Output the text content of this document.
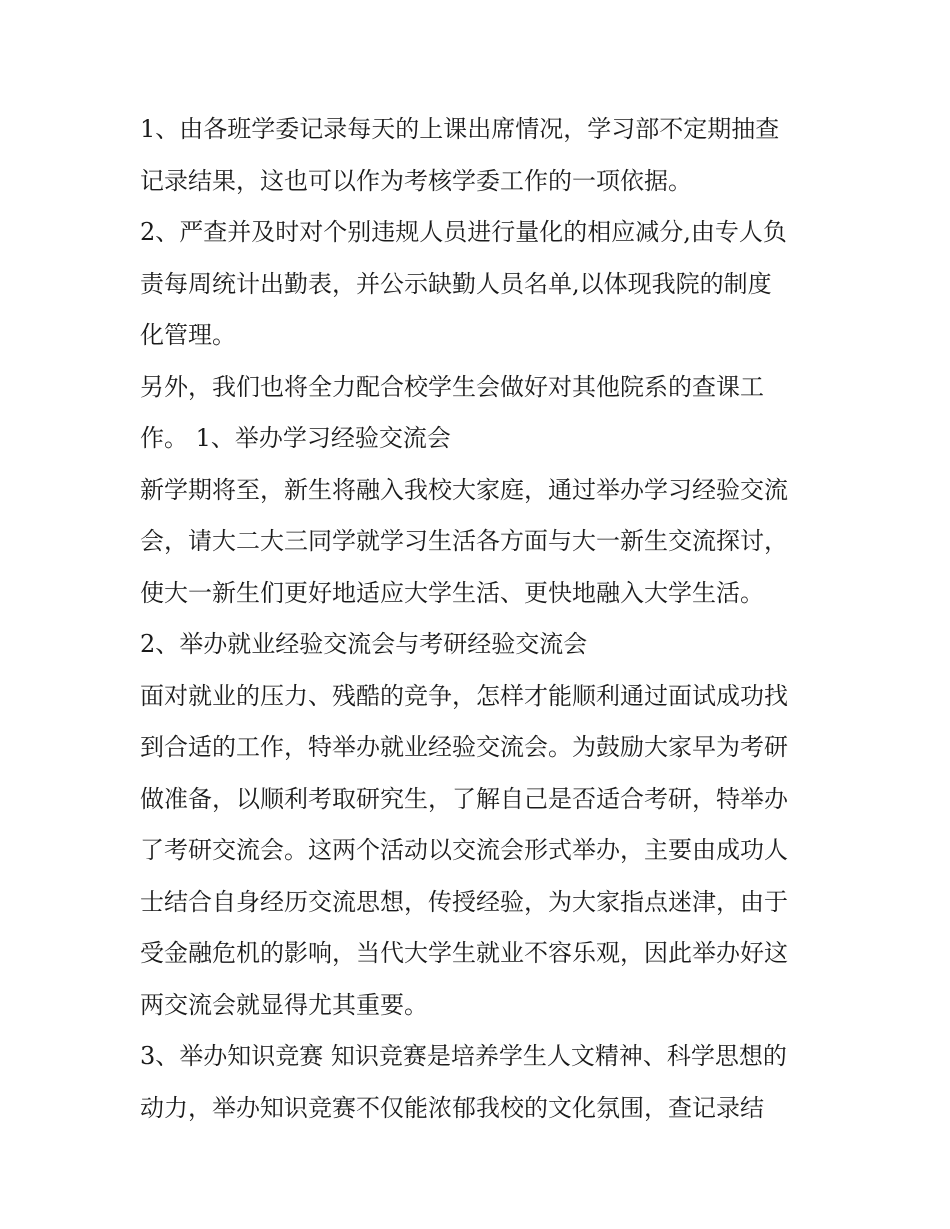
1、由各班学委记录每天的上课出席情况，学习部不定期抽查
记录结果，这也可以作为考核学委工作的一项依据。
2、严查并及时对个别违规人员进行量化的相应减分,由专人负
责每周统计出勤表，并公示缺勤人员名单,以体现我院的制度
化管理。
另外，我们也将全力配合校学生会做好对其他院系的查课工
作。 1、举办学习经验交流会
新学期将至，新生将融入我校大家庭，通过举办学习经验交流
会，请大二大三同学就学习生活各方面与大一新生交流探讨，
使大一新生们更好地适应大学生活、更快地融入大学生活。
2、举办就业经验交流会与考研经验交流会
面对就业的压力、残酷的竞争，怎样才能顺利通过面试成功找
到合适的工作，特举办就业经验交流会。为鼓励大家早为考研
做准备，以顺利考取研究生，了解自己是否适合考研，特举办
了考研交流会。这两个活动以交流会形式举办，主要由成功人
士结合自身经历交流思想，传授经验，为大家指点迷津，由于
受金融危机的影响，当代大学生就业不容乐观，因此举办好这
两交流会就显得尤其重要。
3、举办知识竞赛 知识竞赛是培养学生人文精神、科学思想的
动力，举办知识竞赛不仅能浓郁我校的文化氛围，查记录结
